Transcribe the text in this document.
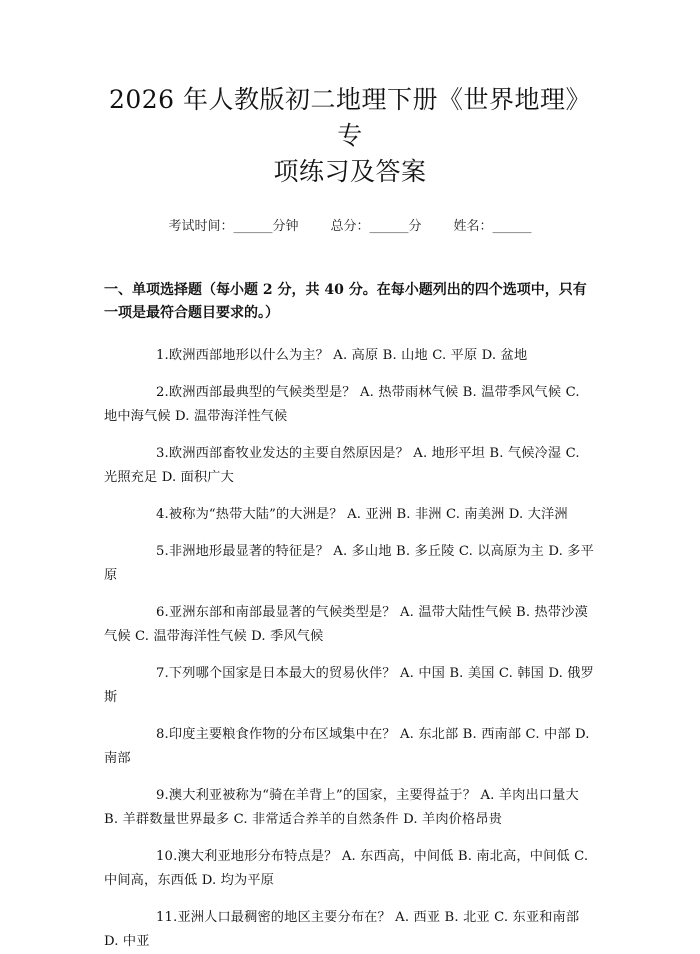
2026 年人教版初二地理下册《世界地理》专
项练习及答案
考试时间：______分钟 总分：______分 姓名：______
一、单项选择题（每小题 2 分，共 40 分。在每小题列出的四个选项中，只有一项是最符合题目要求的。）

1.欧洲西部地形以什么为主？ A. 高原 B. 山地 C. 平原 D. 盆地

2.欧洲西部最典型的气候类型是？ A. 热带雨林气候 B. 温带季风气候 C. 地中海气候 D. 温带海洋性气候

3.欧洲西部畜牧业发达的主要自然原因是？ A. 地形平坦 B. 气候冷湿 C. 光照充足 D. 面积广大

4.被称为“热带大陆”的大洲是？ A. 亚洲 B. 非洲 C. 南美洲 D. 大洋洲

5.非洲地形最显著的特征是？ A. 多山地 B. 多丘陵 C. 以高原为主 D. 多平原

6.亚洲东部和南部最显著的气候类型是？ A. 温带大陆性气候 B. 热带沙漠气候 C. 温带海洋性气候 D. 季风气候

7.下列哪个国家是日本最大的贸易伙伴？ A. 中国 B. 美国 C. 韩国 D. 俄罗斯

8.印度主要粮食作物的分布区域集中在？ A. 东北部 B. 西南部 C. 中部 D. 南部

9.澳大利亚被称为“骑在羊背上”的国家，主要得益于？ A. 羊肉出口量大 B. 羊群数量世界最多 C. 非常适合养羊的自然条件 D. 羊肉价格昂贵

10.澳大利亚地形分布特点是？ A. 东西高，中间低 B. 南北高，中间低 C. 中间高，东西低 D. 均为平原

11.亚洲人口最稠密的地区主要分布在？ A. 西亚 B. 北亚 C. 东亚和南部 D. 中亚
